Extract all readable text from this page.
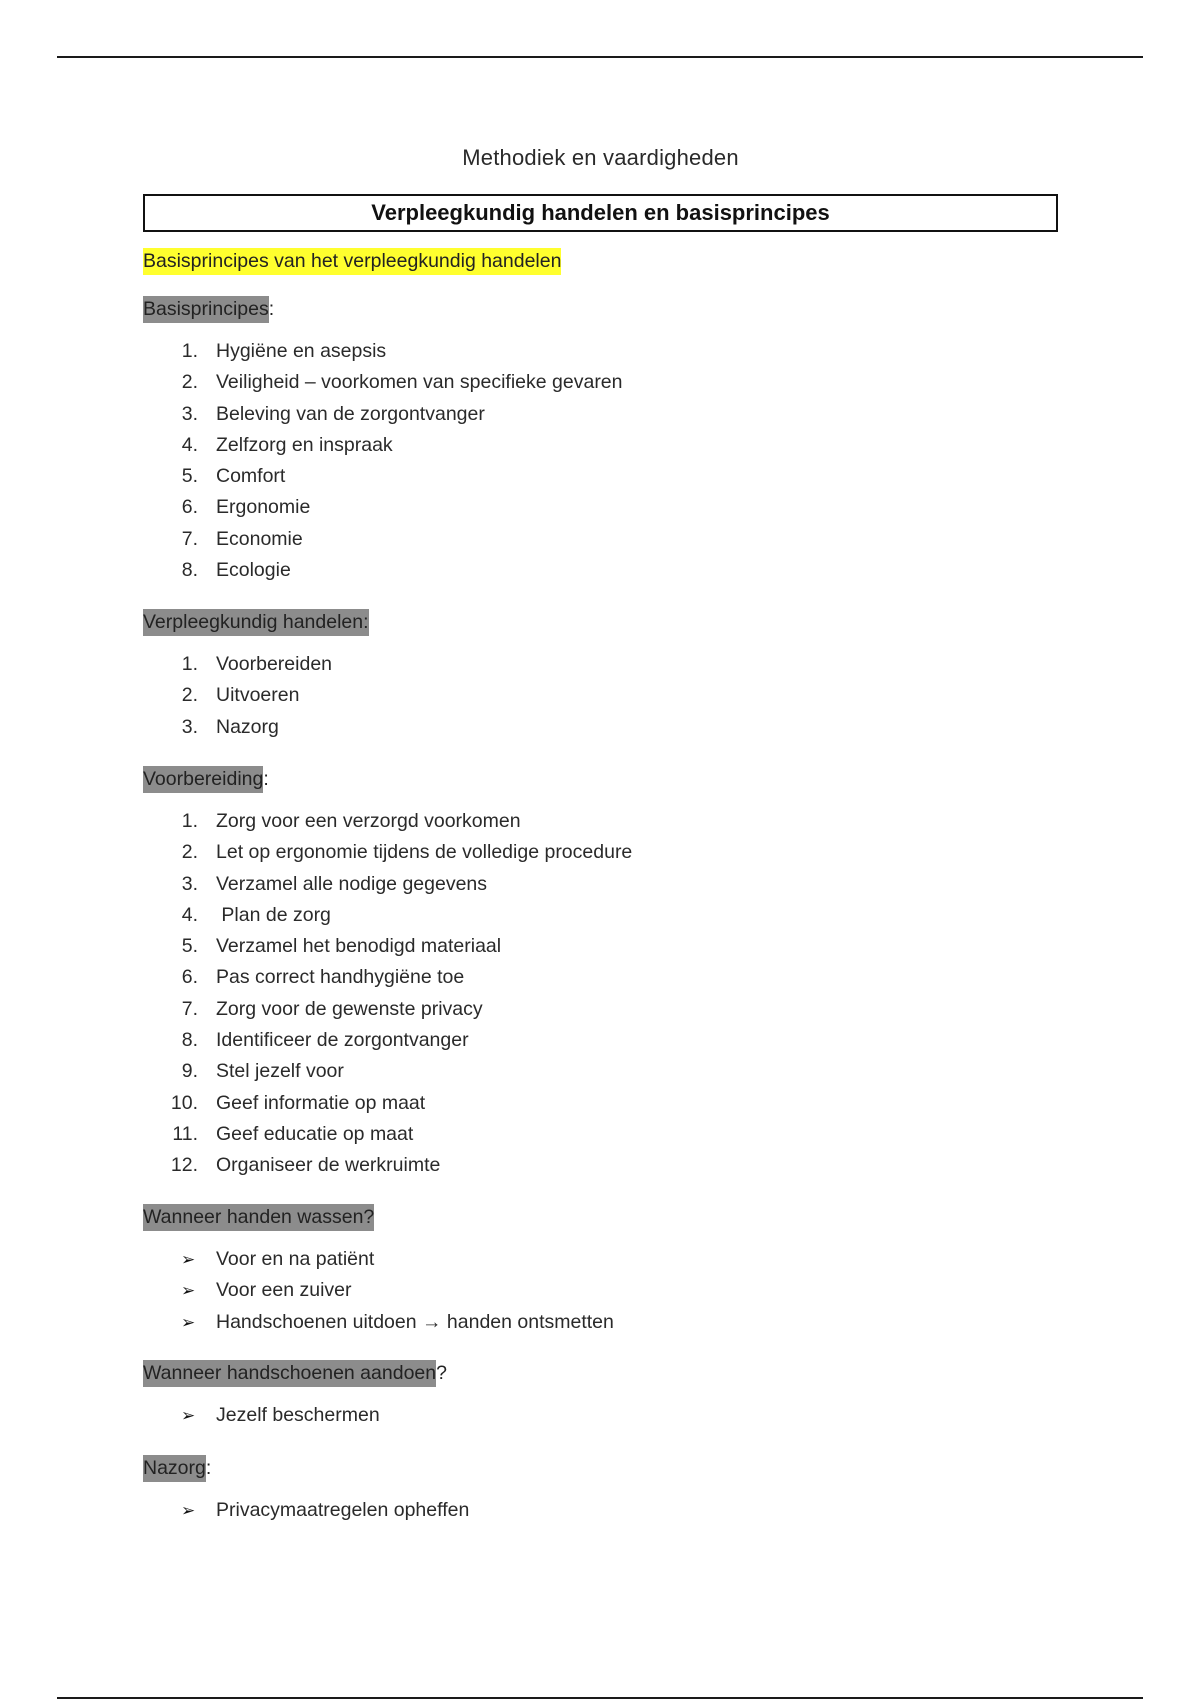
Methodiek en vaardigheden
Verpleegkundig handelen en basisprincipes
Basisprincipes van het verpleegkundig handelen
Basisprincipes:
1. Hygiëne en asepsis
2. Veiligheid – voorkomen van specifieke gevaren
3. Beleving van de zorgontvanger
4. Zelfzorg en inspraak
5. Comfort
6. Ergonomie
7. Economie
8. Ecologie
Verpleegkundig handelen:
1. Voorbereiden
2. Uitvoeren
3. Nazorg
Voorbereiding:
1. Zorg voor een verzorgd voorkomen
2. Let op ergonomie tijdens de volledige procedure
3. Verzamel alle nodige gegevens
4. Plan de zorg
5. Verzamel het benodigd materiaal
6. Pas correct handhygiëne toe
7. Zorg voor de gewenste privacy
8. Identificeer de zorgontvanger
9. Stel jezelf voor
10. Geef informatie op maat
11. Geef educatie op maat
12. Organiseer de werkruimte
Wanneer handen wassen?
➢ Voor en na patiënt
➢ Voor een zuiver
➢ Handschoenen uitdoen → handen ontsmetten
Wanneer handschoenen aandoen?
➢ Jezelf beschermen
Nazorg:
➢ Privacymaatregelen opheffen
